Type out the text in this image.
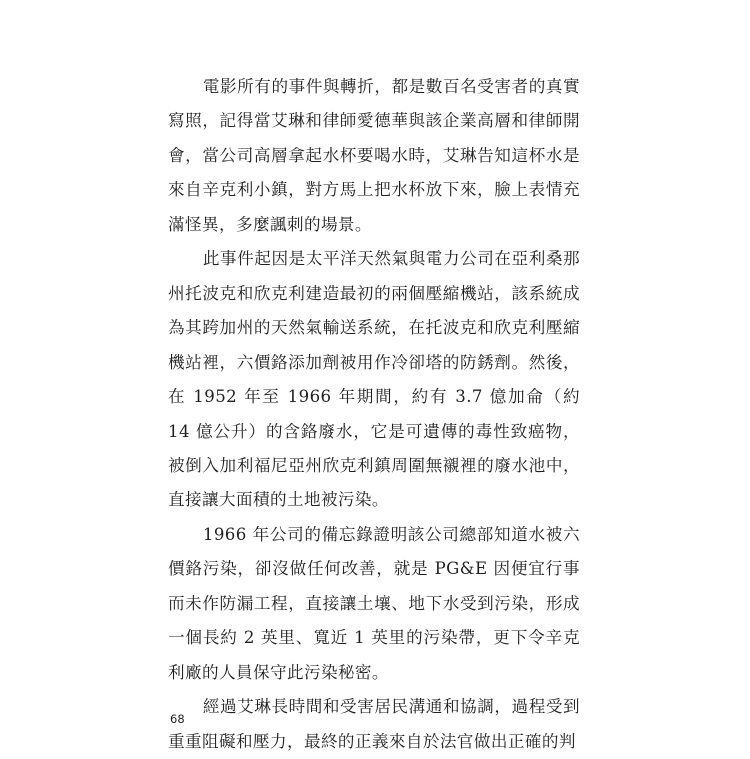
電影所有的事件與轉折，都是數百名受害者的真實寫照，記得當艾琳和律師愛德華與該企業高層和律師開會，當公司高層拿起水杯要喝水時，艾琳告知這杯水是來自辛克利小鎮，對方馬上把水杯放下來，臉上表情充滿怪異，多麼諷刺的場景。

此事件起因是太平洋天然氣與電力公司在亞利桑那州托波克和欣克利建造最初的兩個壓縮機站，該系統成為其跨加州的天然氣輸送系統，在托波克和欣克利壓縮機站裡，六價鉻添加劑被用作冷卻塔的防銹劑。然後，在 1952 年至 1966 年期間，約有 3.7 億加侖（約 14 億公升）的含鉻廢水，它是可遺傳的毒性致癌物，被倒入加利福尼亞州欣克利鎮周圍無襯裡的廢水池中，直接讓大面積的土地被污染。

1966 年公司的備忘錄證明該公司總部知道水被六價鉻污染，卻沒做任何改善，就是 PG&E 因便宜行事而未作防漏工程，直接讓土壤、地下水受到污染，形成一個長約 2 英里、寬近 1 英里的污染帶，更下令辛克利廠的人員保守此污染秘密。

經過艾琳長時間和受害居民溝通和協調，過程受到重重阻礙和壓力，最終的正義來自於法官做出正確的判

68
